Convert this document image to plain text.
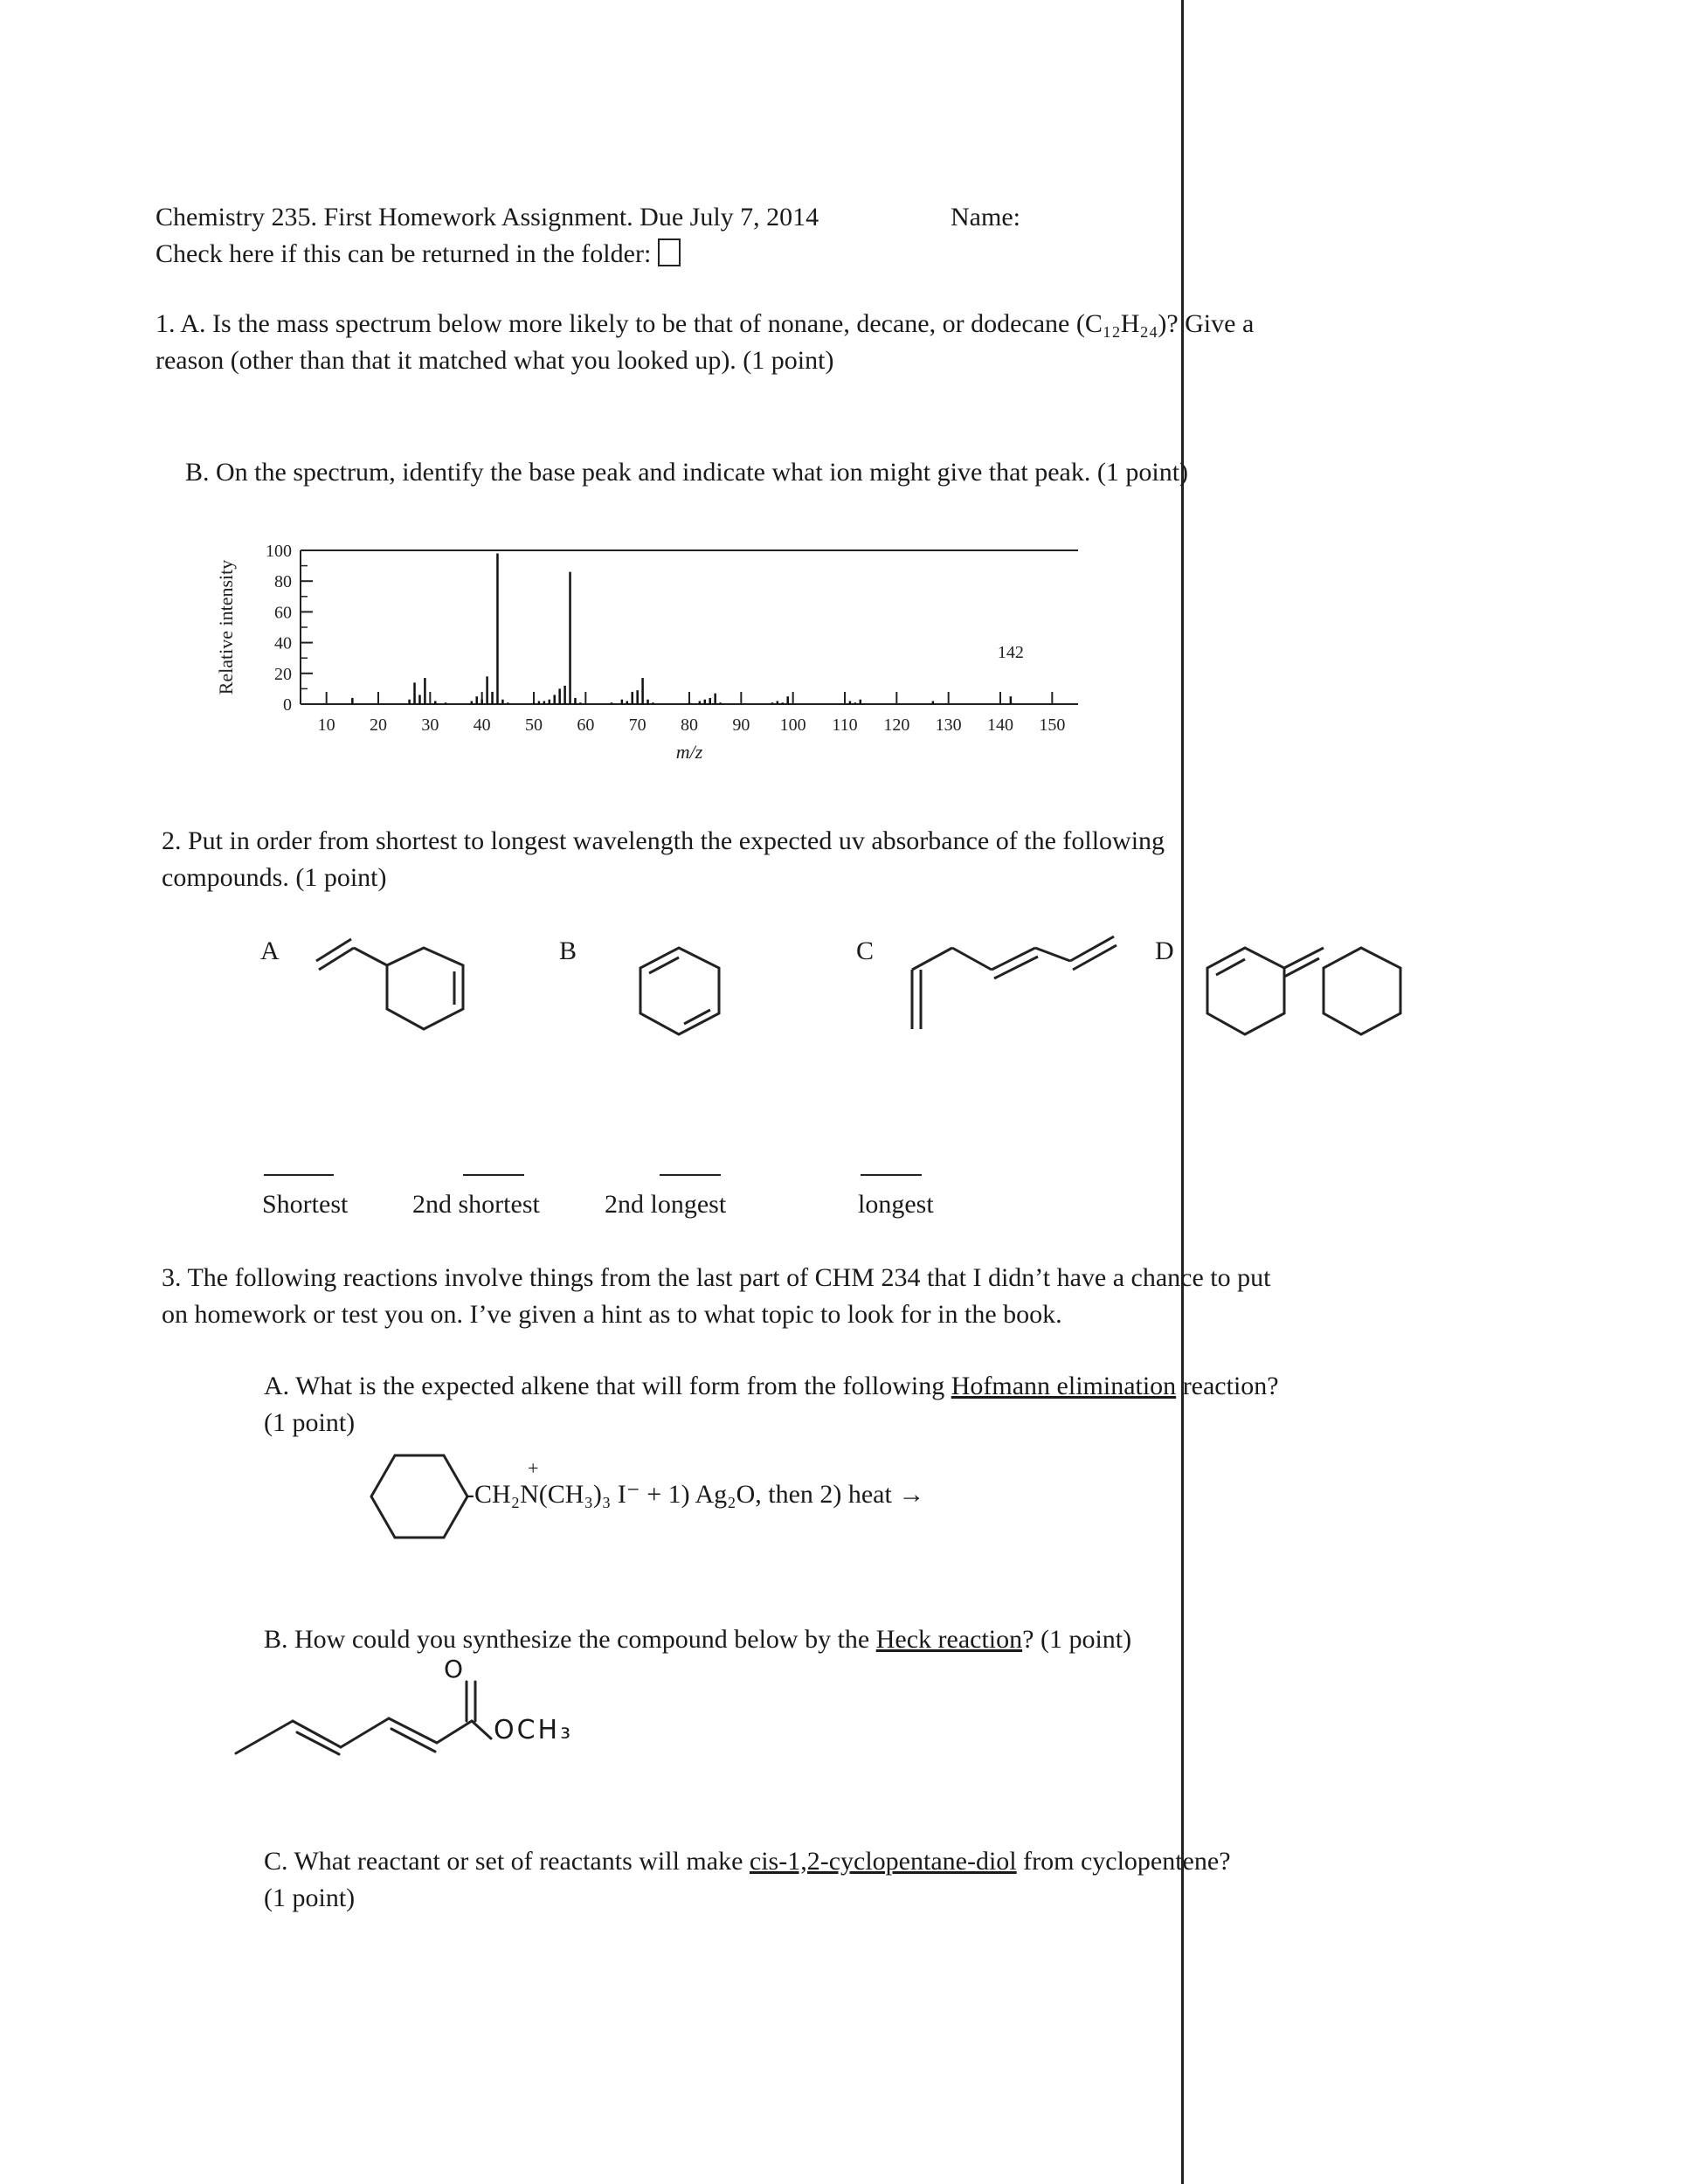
Chemistry 235. First Homework Assignment. Due July 7, 2014	Name:
Check here if this can be returned in the folder:
1. A. Is the mass spectrum below more likely to be that of nonane, decane, or dodecane (C₁₂H₂₄)? Give a
reason (other than that it matched what you looked up). (1 point)
B. On the spectrum, identify the base peak and indicate what ion might give that peak. (1 point)
0
20
40
60
80
100
10 20 30 40 50 60 70 80 90 100 110 120 130 140 150
142
Relative intensity
m/z
2. Put in order from shortest to longest wavelength the expected uv absorbance of the following
compounds. (1 point)
A	B	C	D
Shortest 2nd shortest 2nd longest	longest
3. The following reactions involve things from the last part of CHM 234 that I didn’t have a chance to put
on homework or test you on. I’ve given a hint as to what topic to look for in the book.
A. What is the expected alkene that will form from the following Hofmann elimination reaction?
(1 point)
+
-CH₂N(CH₃)₃ I⁻ + 1) Ag₂O, then 2) heat →
B. How could you synthesize the compound below by the Heck reaction? (1 point)
O
OCH₃
C. What reactant or set of reactants will make cis-1,2-cyclopentane-diol from cyclopentene?
(1 point)
